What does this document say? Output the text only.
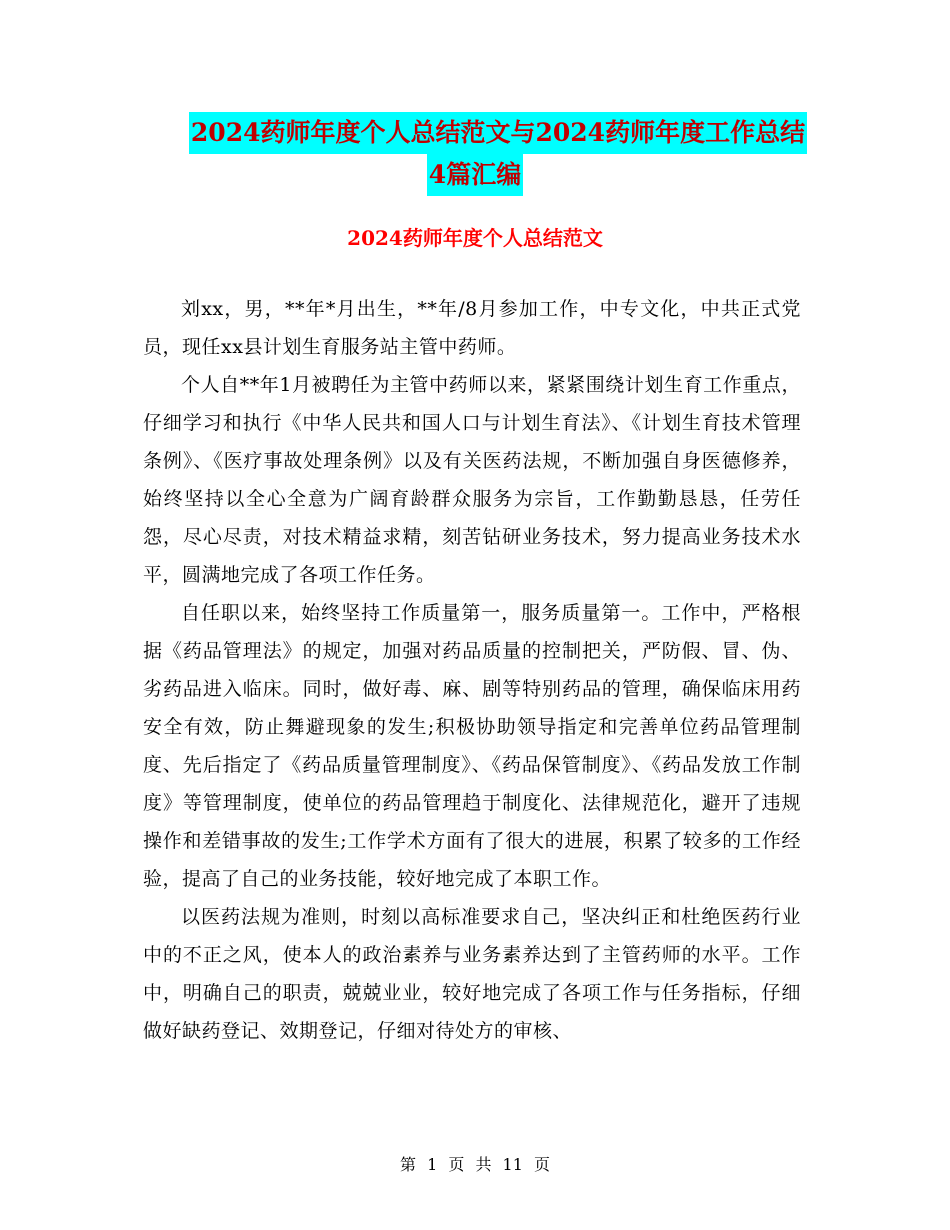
2024药师年度个人总结范文与2024药师年度工作总结
4篇汇编
2024药师年度个人总结范文

刘xx，男，**年*月出生，**年/8月参加工作，中专文化，中共正式党员，现任xx县计划生育服务站主管中药师。

个人自**年1月被聘任为主管中药师以来，紧紧围绕计划生育工作重点，仔细学习和执行《中华人民共和国人口与计划生育法》、《计划生育技术管理条例》、《医疗事故处理条例》以及有关医药法规，不断加强自身医德修养，始终坚持以全心全意为广阔育龄群众服务为宗旨，工作勤勤恳恳，任劳任怨，尽心尽责，对技术精益求精，刻苦钻研业务技术，努力提高业务技术水平，圆满地完成了各项工作任务。

自任职以来，始终坚持工作质量第一，服务质量第一。工作中，严格根据《药品管理法》的规定，加强对药品质量的控制把关，严防假、冒、伪、劣药品进入临床。同时，做好毒、麻、剧等特别药品的管理，确保临床用药安全有效，防止舞避现象的发生;积极协助领导指定和完善单位药品管理制度、先后指定了《药品质量管理制度》、《药品保管制度》、《药品发放工作制度》等管理制度，使单位的药品管理趋于制度化、法律规范化，避开了违规操作和差错事故的发生;工作学术方面有了很大的进展，积累了较多的工作经验，提高了自己的业务技能，较好地完成了本职工作。

以医药法规为准则，时刻以高标准要求自己，坚决纠正和杜绝医药行业中的不正之风，使本人的政治素养与业务素养达到了主管药师的水平。工作中，明确自己的职责，兢兢业业，较好地完成了各项工作与任务指标，仔细做好缺药登记、效期登记，仔细对待处方的审核、

第 1 页 共 11 页
